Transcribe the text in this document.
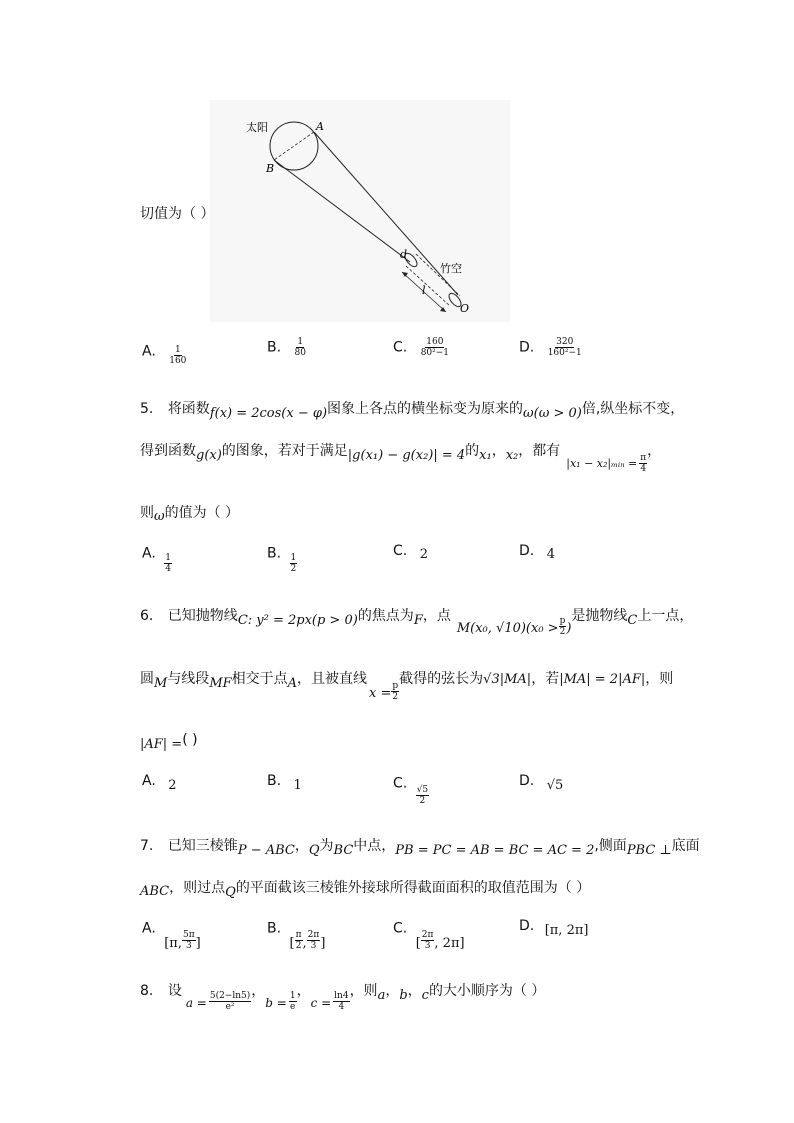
太阳	A
B
d
竹空
l
O
切值为（ ）
A. $\frac{1}{160}$	B. $\frac{1}{80}$	C. $\frac{160}{\text{80²−1}}$	D. $\frac{320}{\text{160²−1}}$
5. 将函数f(x) = 2cos(x − φ)图象上各点的横坐标变为原来的ω(ω > 0)倍,纵坐标不变，
得到函数g(x)的图象，若对于满足|g(x₁) − g(x₂)| = 4的x₁，x₂，都有$_{|x_1 - x_2|_mᵢ_n =} \frac{\pi}{4}$
，
则ω的值为（ ）
A. $\frac{1}{4}$	B. $\frac{1}{2}$
C. 2	D. 4
6. 已知抛物线C: y² = 2px(p > 0)的焦点为F，点M(x₀, $√10)(x_0 > \frac{p}{2}$ )是抛物线C上一点，
圆M与线段MF相交于点A，且被直线$x = \frac{p}{2}$
截得的弦长为√3|MA|，若|MA| = 2|AF|，则
|AF| =( )
A. 2	B. 1	C.
$\frac{√5}{2}$
D. √5
7. 已知三棱锥P − ABC，Q为BC中点，PB = PC = AB = BC = AC = 2,侧面PBC ⊥底面
ABC，则过点Q的平面截该三棱锥外接球所得截面面积的取值范围为（ ）
A. [π, $\frac{5\pi}{3}$ ]
B. [ $\frac{\pi}{2}$ , $\frac{2\pi}{3}$ ]
C. [ $\frac{2\pi}{3}$ , 2π]
D. [π, 2π]
8. 设$a = \frac{5(2-\ln 5)}{\text{e²}}$ ，$b = \frac{1}{e}$ ，$c = \frac{\ln 4}{4}$ ，则a，b，c的大小顺序为（ ）
